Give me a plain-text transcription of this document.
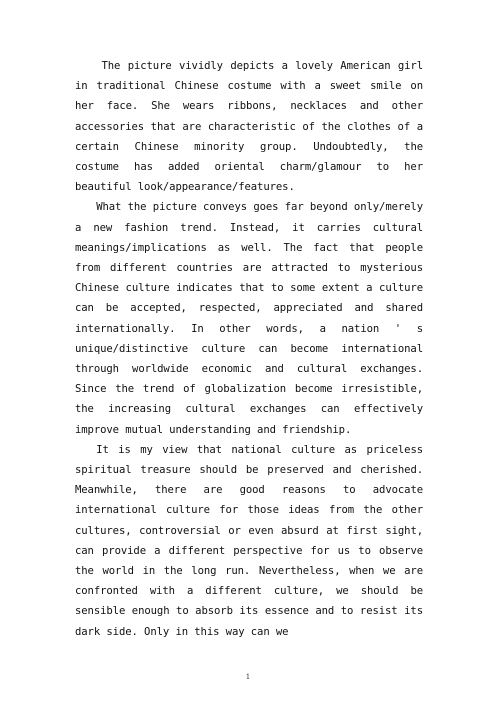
The picture vividly depicts a lovely American girl in traditional Chinese costume with a sweet smile on her face. She wears ribbons, necklaces and other accessories that are characteristic of the clothes of a certain Chinese minority group. Undoubtedly, the costume has added oriental charm/glamour to her beautiful look/appearance/features.

What the picture conveys goes far beyond only/merely a new fashion trend. Instead, it carries cultural meanings/implications as well. The fact that people from different countries are attracted to mysterious Chinese culture indicates that to some extent a culture can be accepted, respected, appreciated and shared internationally. In other words, a nation ' s unique/distinctive culture can become international through worldwide economic and cultural exchanges. Since the trend of globalization become irresistible, the increasing cultural exchanges can effectively improve mutual understanding and friendship.

It is my view that national culture as priceless spiritual treasure should be preserved and cherished. Meanwhile, there are good reasons to advocate international culture for those ideas from the other cultures, controversial or even absurd at first sight, can provide a different perspective for us to observe the world in the long run. Nevertheless, when we are confronted with a different culture, we should be sensible enough to absorb its essence and to resist its dark side. Only in this way can we

1
